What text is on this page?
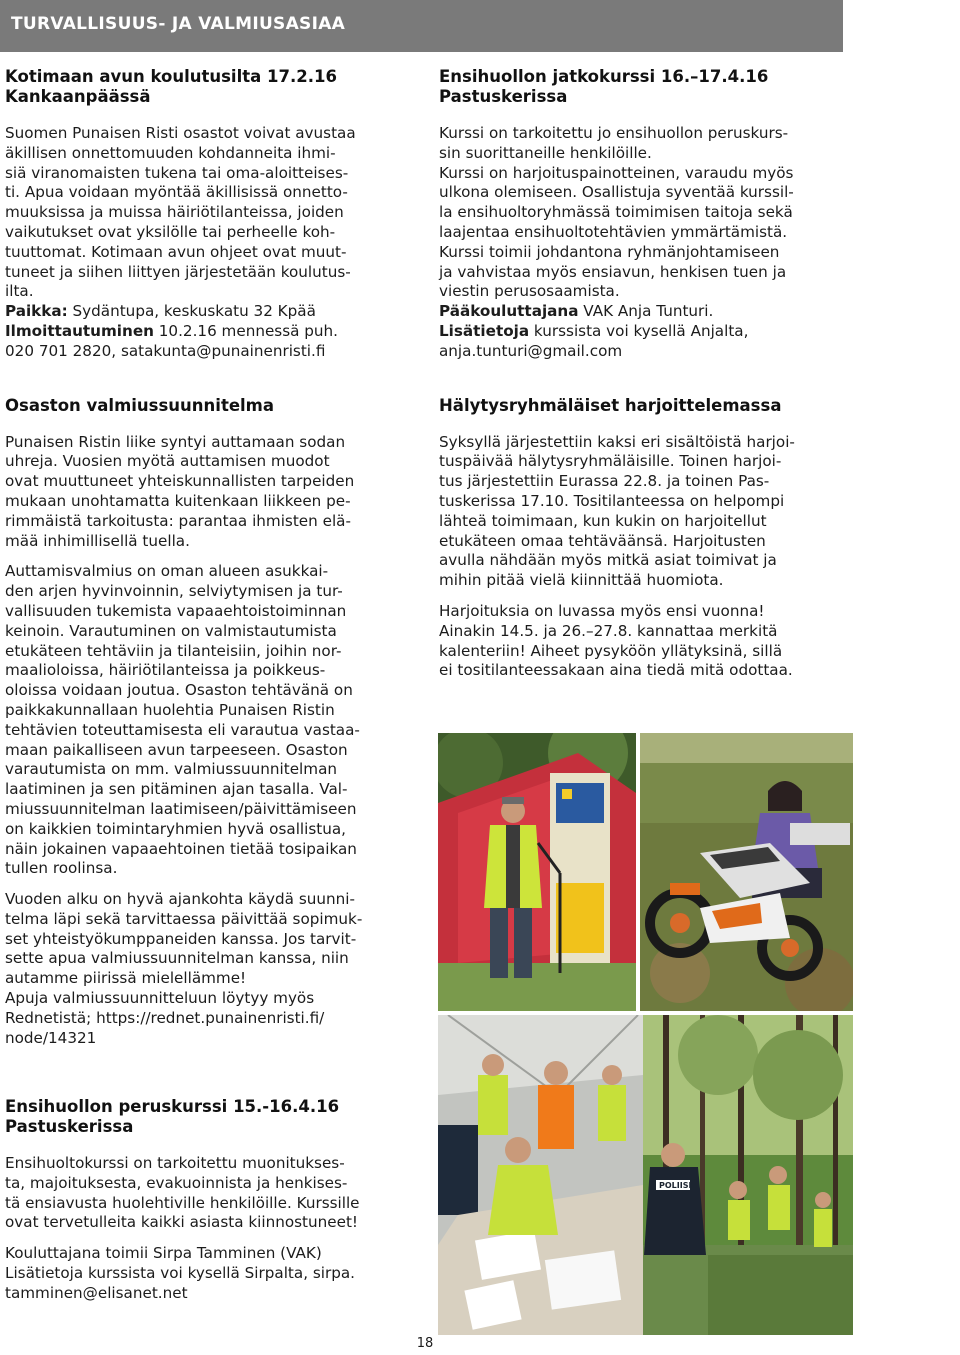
TURVALLISUUS- JA VALMIUSASIAA
Kotimaan avun koulutusilta 17.2.16
Kankaanpäässä

Suomen Punaisen Risti osastot voivat avustaa
äkillisen onnettomuuden kohdanneita ihmi-
siä viranomaisten tukena tai oma-aloitteises-
ti. Apua voidaan myöntää äkillisissä onnetto-
muuksissa ja muissa häiriötilanteissa, joiden
vaikutukset ovat yksilölle tai perheelle koh-
tuuttomat. Kotimaan avun ohjeet ovat muut-
tuneet ja siihen liittyen järjestetään koulutus-
ilta.
Paikka: Sydäntupa, keskuskatu 32 Kpää
Ilmoittautuminen 10.2.16 mennessä puh.
020 701 2820, satakunta@punainenristi.fi

Osaston valmiussuunnitelma

Punaisen Ristin liike syntyi auttamaan sodan
uhreja. Vuosien myötä auttamisen muodot
ovat muuttuneet yhteiskunnallisten tarpeiden
mukaan unohtamatta kuitenkaan liikkeen pe-
rimmäistä tarkoitusta: parantaa ihmisten elä-
mää inhimillisellä tuella.

Auttamisvalmius on oman alueen asukkai-
den arjen hyvinvoinnin, selviytymisen ja tur-
vallisuuden tukemista vapaaehtoistoiminnan
keinoin. Varautuminen on valmistautumista
etukäteen tehtäviin ja tilanteisiin, joihin nor-
maalioloissa, häiriötilanteissa ja poikkeus-
oloissa voidaan joutua. Osaston tehtävänä on
paikkakunnallaan huolehtia Punaisen Ristin
tehtävien toteuttamisesta eli varautua vastaa-
maan paikalliseen avun tarpeeseen. Osaston
varautumista on mm. valmiussuunnitelman
laatiminen ja sen pitäminen ajan tasalla. Val-
miussuunnitelman laatimiseen/päivittämiseen
on kaikkien toimintaryhmien hyvä osallistua,
näin jokainen vapaaehtoinen tietää tosipaikan
tullen roolinsa.

Vuoden alku on hyvä ajankohta käydä suunni-
telma läpi sekä tarvittaessa päivittää sopimuk-
set yhteistyökumppaneiden kanssa. Jos tarvit-
sette apua valmiussuunnitelman kanssa, niin
autamme piirissä mielellämme!
Apuja valmiussuunnitteluun löytyy myös
Rednetistä; https://rednet.punainenristi.fi/
node/14321

Ensihuollon peruskurssi 15.-16.4.16
Pastuskerissa

Ensihuoltokurssi on tarkoitettu muonitukses-
ta, majoituksesta, evakuoinnista ja henkises-
tä ensiavusta huolehtiville henkilöille. Kurssille
ovat tervetulleita kaikki asiasta kiinnostuneet!

Kouluttajana toimii Sirpa Tamminen (VAK)
Lisätietoja kurssista voi kysellä Sirpalta, sirpa.
tamminen@elisanet.net

Ensihuollon jatkokurssi 16.–17.4.16
Pastuskerissa

Kurssi on tarkoitettu jo ensihuollon peruskurs-
sin suorittaneille henkilöille.
Kurssi on harjoituspainotteinen, varaudu myös
ulkona olemiseen. Osallistuja syventää kurssil-
la ensihuoltoryhmässä toimimisen taitoja sekä
laajentaa ensihuoltotehtävien ymmärtämistä.
Kurssi toimii johdantona ryhmänjohtamiseen
ja vahvistaa myös ensiavun, henkisen tuen ja
viestin perusosaamista.
Pääkouluttajana VAK Anja Tunturi.
Lisätietoja kurssista voi kysellä Anjalta,
anja.tunturi@gmail.com

Hälytysryhmäläiset harjoittelemassa

Syksyllä järjestettiin kaksi eri sisältöistä harjoi-
tuspäivää hälytysryhmäläisille. Toinen harjoi-
tus järjestettiin Eurassa 22.8. ja toinen Pas-
tuskerissa 17.10. Tositilanteessa on helpompi
lähteä toimimaan, kun kukin on harjoitellut
etukäteen omaa tehtäväänsä. Harjoitusten
avulla nähdään myös mitkä asiat toimivat ja
mihin pitää vielä kiinnittää huomiota.

Harjoituksia on luvassa myös ensi vuonna!
Ainakin 14.5. ja 26.–27.8. kannattaa merkitä
kalenteriin! Aiheet pysyköön yllätyksinä, sillä
ei tositilanteessakaan aina tiedä mitä odottaa.

POLIISI
18
